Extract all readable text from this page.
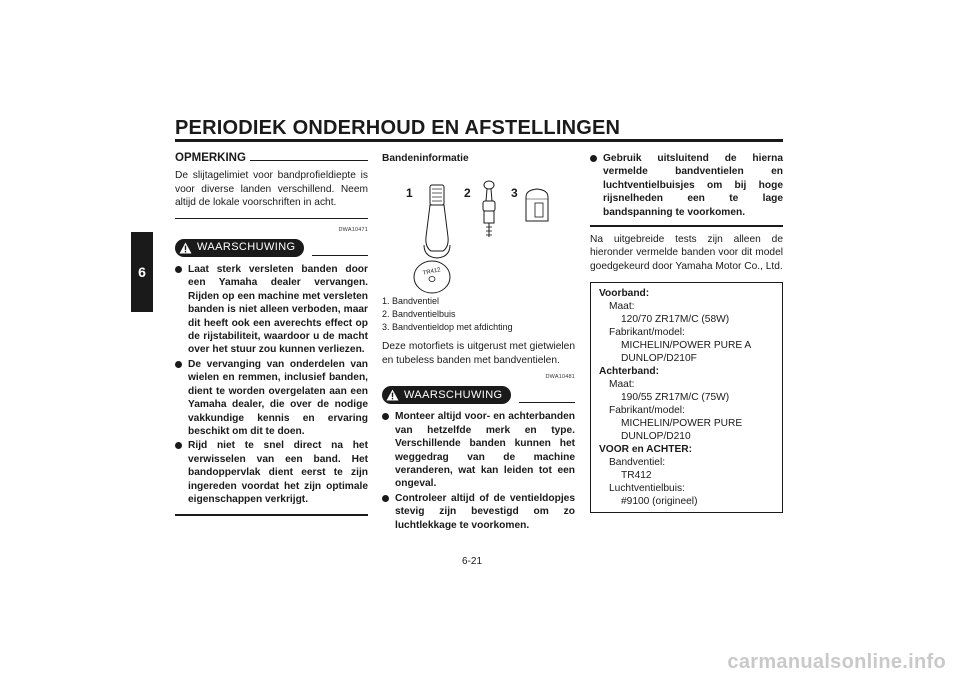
PERIODIEK ONDERHOUD EN AFSTELLINGEN
6
OPMERKING
De slijtagelimiet voor bandprofieldiepte is voor diverse landen verschillend. Neem altijd de lokale voorschriften in acht.
DWA10471
WAARSCHUWING
Laat sterk versleten banden door een Yamaha dealer vervangen. Rijden op een machine met versleten banden is niet alleen verboden, maar dit heeft ook een averechts effect op de rijstabiliteit, waardoor u de macht over het stuur zou kunnen verliezen.
De vervanging van onderdelen van wielen en remmen, inclusief banden, dient te worden overgelaten aan een Yamaha dealer, die over de nodige vakkundige kennis en ervaring beschikt om dit te doen.
Rijd niet te snel direct na het verwisselen van een band. Het bandoppervlak dient eerst te zijn ingereden voordat het zijn optimale eigenschappen verkrijgt.
Bandeninformatie
1	2	3
TR412
1. Bandventiel
2. Bandventielbuis
3. Bandventieldop met afdichting
Deze motorfiets is uitgerust met gietwielen en tubeless banden met bandventielen.
DWA10481
WAARSCHUWING
Monteer altijd voor- en achterbanden van hetzelfde merk en type. Verschillende banden kunnen het weggedrag van de machine veranderen, wat kan leiden tot een ongeval.
Controleer altijd of de ventieldopjes stevig zijn bevestigd om zo luchtlekkage te voorkomen.
Gebruik uitsluitend de hierna vermelde bandventielen en luchtventielbuisjes om bij hoge rijsnelheden een te lage bandspanning te voorkomen.
Na uitgebreide tests zijn alleen de hieronder vermelde banden voor dit model goedgekeurd door Yamaha Motor Co., Ltd.
Voorband:
Maat:
120/70 ZR17M/C (58W)
Fabrikant/model:
MICHELIN/POWER PURE A
DUNLOP/D210F
Achterband:
Maat:
190/55 ZR17M/C (75W)
Fabrikant/model:
MICHELIN/POWER PURE
DUNLOP/D210
VOOR en ACHTER:
Bandventiel:
TR412
Luchtventielbuis:
#9100 (origineel)
6-21
carmanualsonline.info
